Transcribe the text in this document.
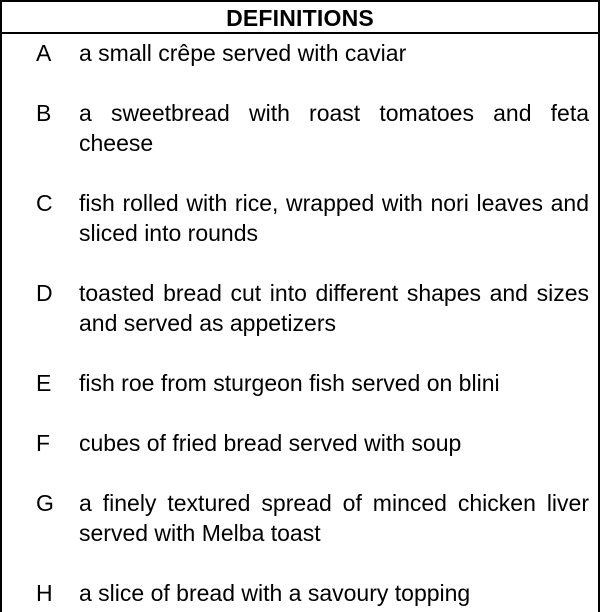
DEFINITIONS
A a small crêpe served with caviar
B a sweetbread with roast tomatoes and feta cheese
C fish rolled with rice, wrapped with nori leaves and sliced into rounds
D toasted bread cut into different shapes and sizes and served as appetizers
E fish roe from sturgeon fish served on blini
F	cubes of fried bread served with soup
G a finely textured spread of minced chicken liver served with Melba toast
H a slice of bread with a savoury topping
